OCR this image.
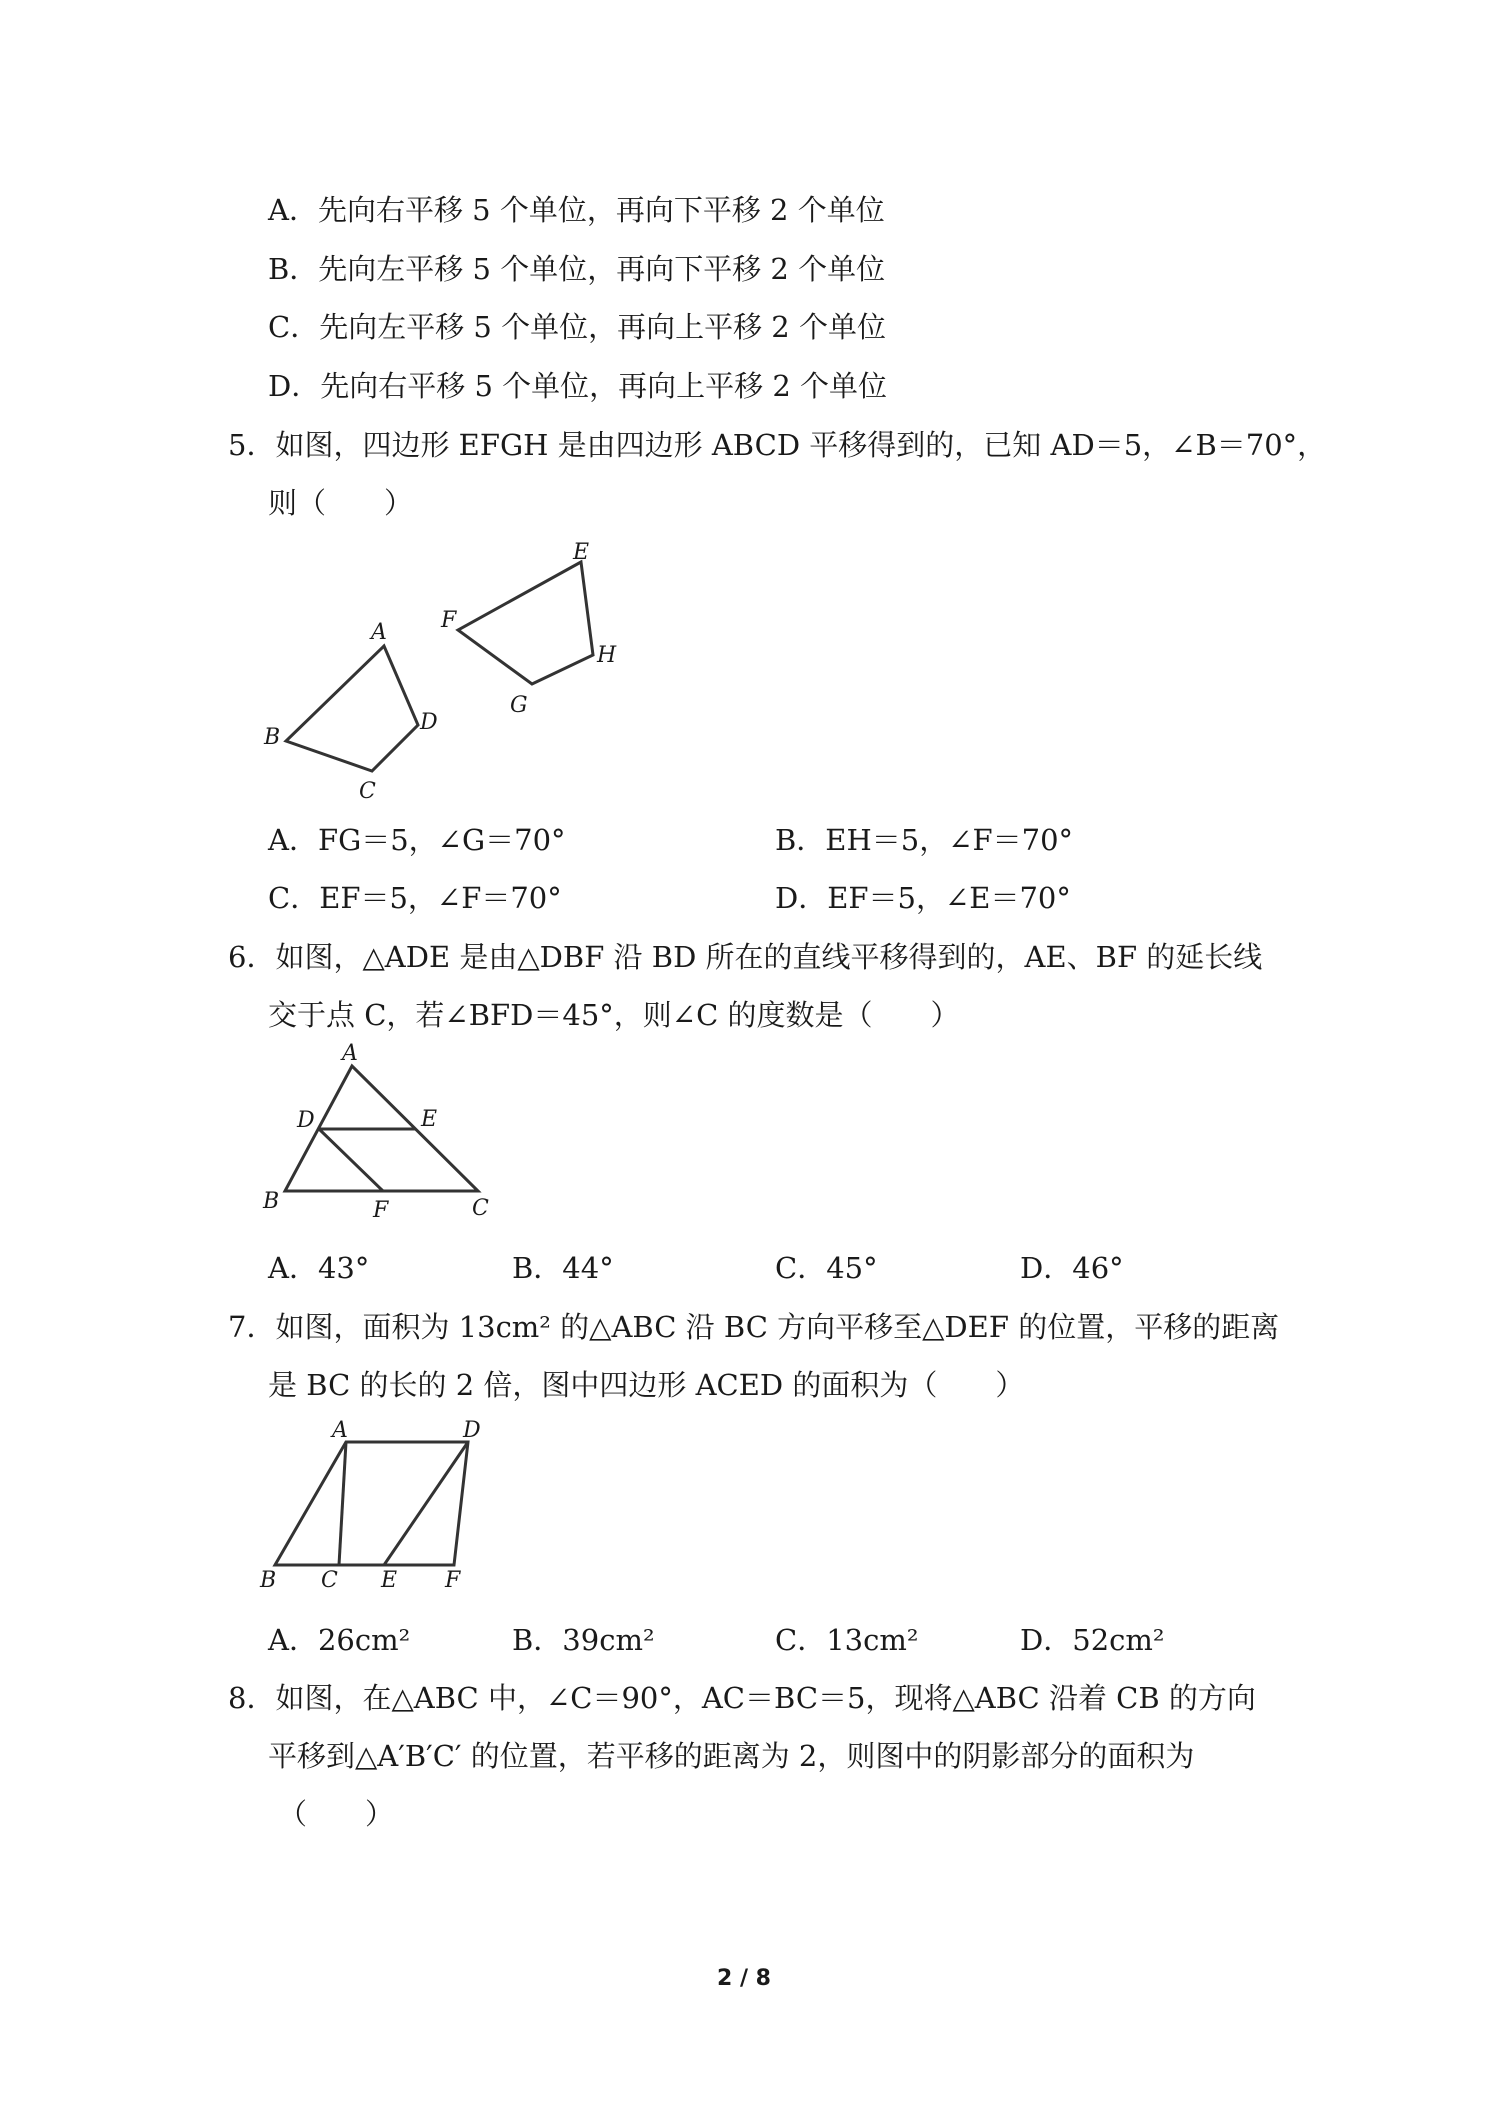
A．先向右平移 5 个单位，再向下平移 2 个单位
B．先向左平移 5 个单位，再向下平移 2 个单位
C．先向左平移 5 个单位，再向上平移 2 个单位
D．先向右平移 5 个单位，再向上平移 2 个单位
5．如图，四边形 EFGH 是由四边形 ABCD 平移得到的，已知 AD＝5，∠B＝70°，
则（　　）
A
B
C
D
E
F
G
H
A．FG＝5，∠G＝70°	B．EH＝5，∠F＝70°
C．EF＝5，∠F＝70°	D．EF＝5，∠E＝70°
6．如图，△ADE 是由△DBF 沿 BD 所在的直线平移得到的，AE、BF 的延长线
交于点 C，若∠BFD＝45°，则∠C 的度数是（　　）
A
D	E
B	F	C
A．43°	B．44°	C．45°	D．46°
7．如图，面积为 13cm² 的△ABC 沿 BC 方向平移至△DEF 的位置，平移的距离
是 BC 的长的 2 倍，图中四边形 ACED 的面积为（　　）
A	D
B C E F
A．26cm²	B．39cm²	C．13cm²	D．52cm²
8．如图，在△ABC 中，∠C＝90°，AC＝BC＝5，现将△ABC 沿着 CB 的方向
平移到△A′B′C′ 的位置，若平移的距离为 2，则图中的阴影部分的面积为
（　　）
2 / 8
